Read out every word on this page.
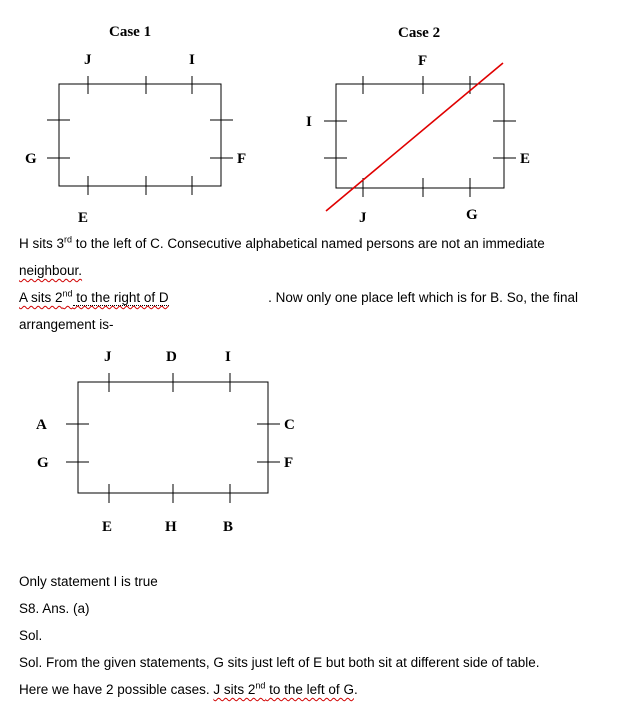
Case 1
J	I
G	F
E
Case 2
F
I
E
J	G
J	D	I
A
G
C
F
E	H	B
H sits 3rd to the left of C. Consecutive alphabetical named persons are not an immediate
neighbour.
A sits 2nd to the right of D	. Now only one place left which is for B. So, the final
arrangement is-
Only statement I is true
S8. Ans. (a)
Sol.
Sol. From the given statements, G sits just left of E but both sit at different side of table.
Here we have 2 possible cases. J sits 2nd to the left of G.
